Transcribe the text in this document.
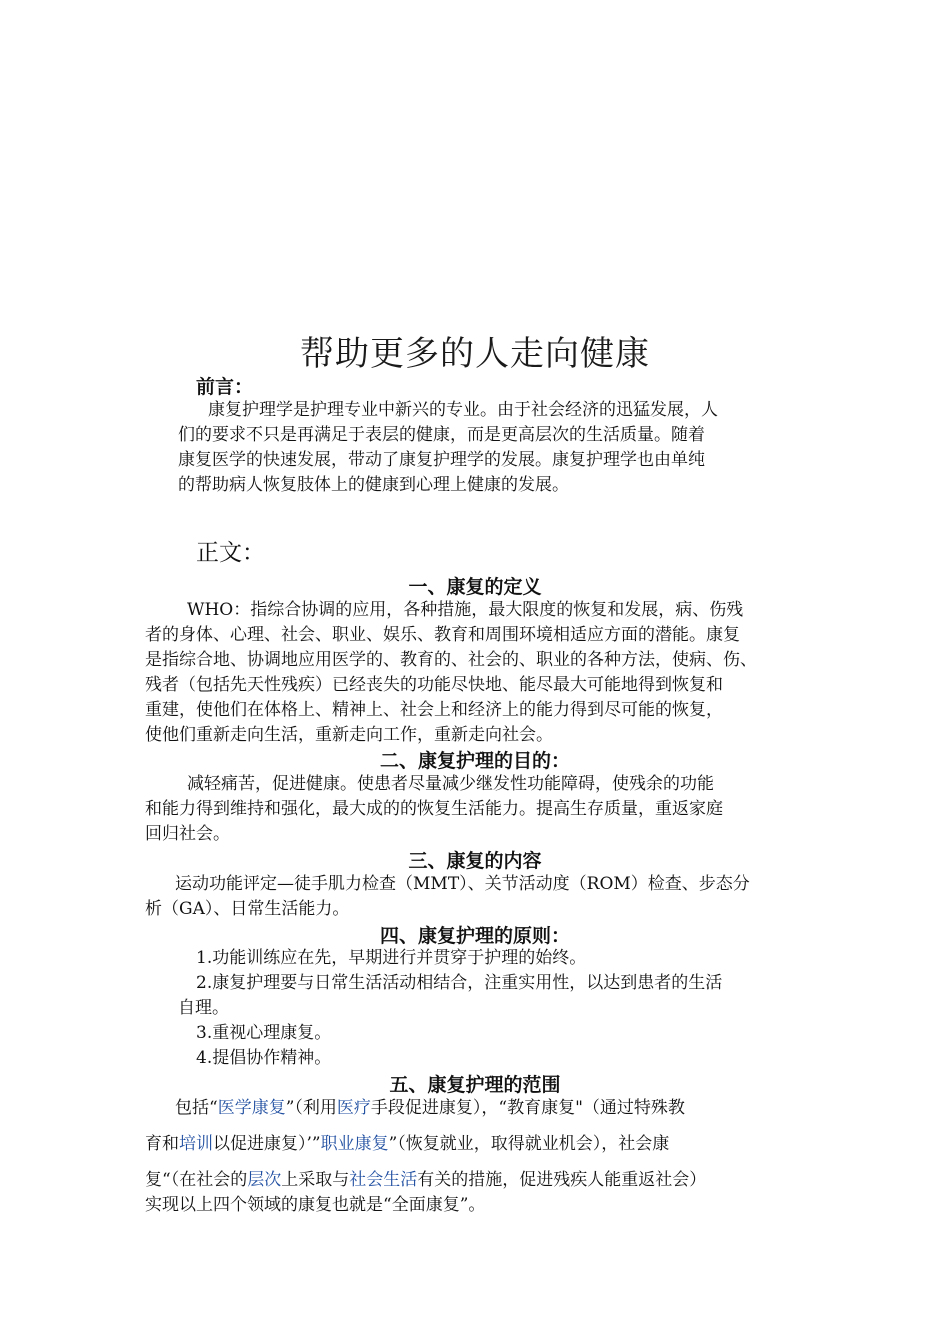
帮助更多的人走向健康
前言：
康复护理学是护理专业中新兴的专业。由于社会经济的迅猛发展，人
们的要求不只是再满足于表层的健康，而是更高层次的生活质量。随着
康复医学的快速发展，带动了康复护理学的发展。康复护理学也由单纯
的帮助病人恢复肢体上的健康到心理上健康的发展。
正文：
一、康复的定义
WHO：指综合协调的应用，各种措施，最大限度的恢复和发展，病、伤残
者的身体、心理、社会、职业、娱乐、教育和周围环境相适应方面的潜能。康复
是指综合地、协调地应用医学的、教育的、社会的、职业的各种方法，使病、伤、
残者（包括先天性残疾）已经丧失的功能尽快地、能尽最大可能地得到恢复和
重建，使他们在体格上、精神上、社会上和经济上的能力得到尽可能的恢复，
使他们重新走向生活，重新走向工作，重新走向社会。
二、康复护理的目的：
减轻痛苦，促进健康。使患者尽量减少继发性功能障碍，使残余的功能
和能力得到维持和强化，最大成的的恢复生活能力。提高生存质量，重返家庭
回归社会。
三、康复的内容
运动功能评定—徒手肌力检查（MMT）、关节活动度（ROM）检查、步态分
析（GA）、日常生活能力。
四、康复护理的原则：
1.功能训练应在先，早期进行并贯穿于护理的始终。
2.康复护理要与日常生活活动相结合，注重实用性，以达到患者的生活
自理。
3.重视心理康复。
4.提倡协作精神。
五、康复护理的范围
包括“医学康复”（利用医疗手段促进康复），“教育康复"（通过特殊教
育和培训以促进康复）’”职业康复”（恢复就业，取得就业机会），社会康
复“（在社会的层次上采取与社会生活有关的措施，促进残疾人能重返社会）
实现以上四个领域的康复也就是“全面康复”。
